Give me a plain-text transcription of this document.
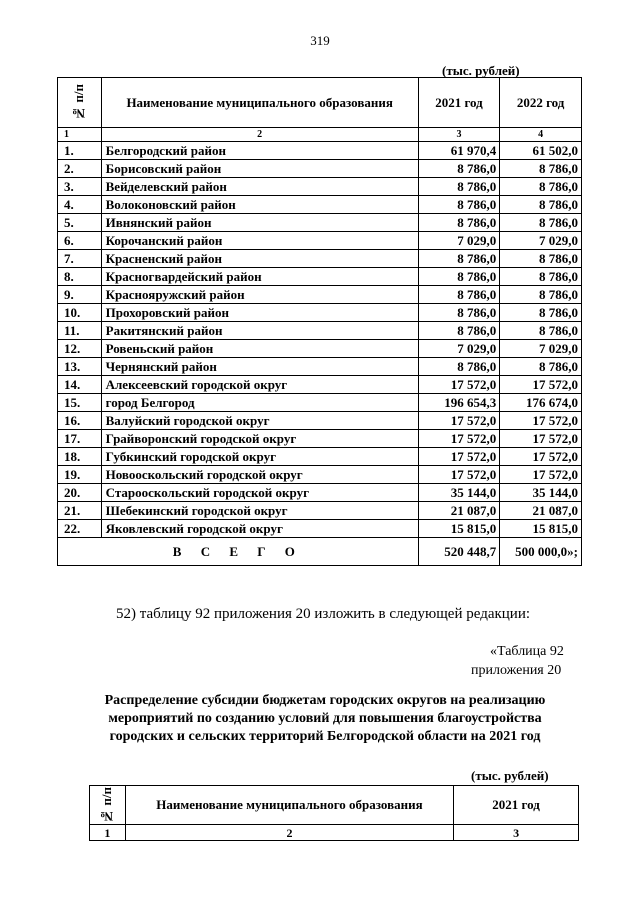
319
(тыс. рублей)
№ п/п	Наименование муниципального образования	2021 год	2022 год
1	2	3	4
1.	Белгородский район	61 970,4	61 502,0
2.	Борисовский район	8 786,0	8 786,0
3.	Вейделевский район	8 786,0	8 786,0
4.	Волоконовский район	8 786,0	8 786,0
5.	Ивнянский район	8 786,0	8 786,0
6.	Корочанский район	7 029,0	7 029,0
7.	Красненский район	8 786,0	8 786,0
8.	Красногвардейский район	8 786,0	8 786,0
9.	Краснояружский район	8 786,0	8 786,0
10.	Прохоровский район	8 786,0	8 786,0
11.	Ракитянский район	8 786,0	8 786,0
12.	Ровеньский район	7 029,0	7 029,0
13.	Чернянский район	8 786,0	8 786,0
14.	Алексеевский городской округ	17 572,0	17 572,0
15.	город Белгород	196 654,3	176 674,0
16.	Валуйский городской округ	17 572,0	17 572,0
17.	Грайворонский городской округ	17 572,0	17 572,0
18.	Губкинский городской округ	17 572,0	17 572,0
19.	Новооскольский городской округ	17 572,0	17 572,0
20.	Старооскольский городской округ	35 144,0	35 144,0
21.	Шебекинский городской округ	21 087,0	21 087,0
22.	Яковлевский городской округ	15 815,0	15 815,0
В С Е Г О		520 448,7	500 000,0»;
52) таблицу 92 приложения 20 изложить в следующей редакции:
«Таблица 92
приложения 20
Распределение субсидии бюджетам городских округов на реализацию мероприятий по созданию условий для повышения благоустройства городских и сельских территорий Белгородской области на 2021 год
(тыс. рублей)
№ п/п	Наименование муниципального образования	2021 год
1	2	3
